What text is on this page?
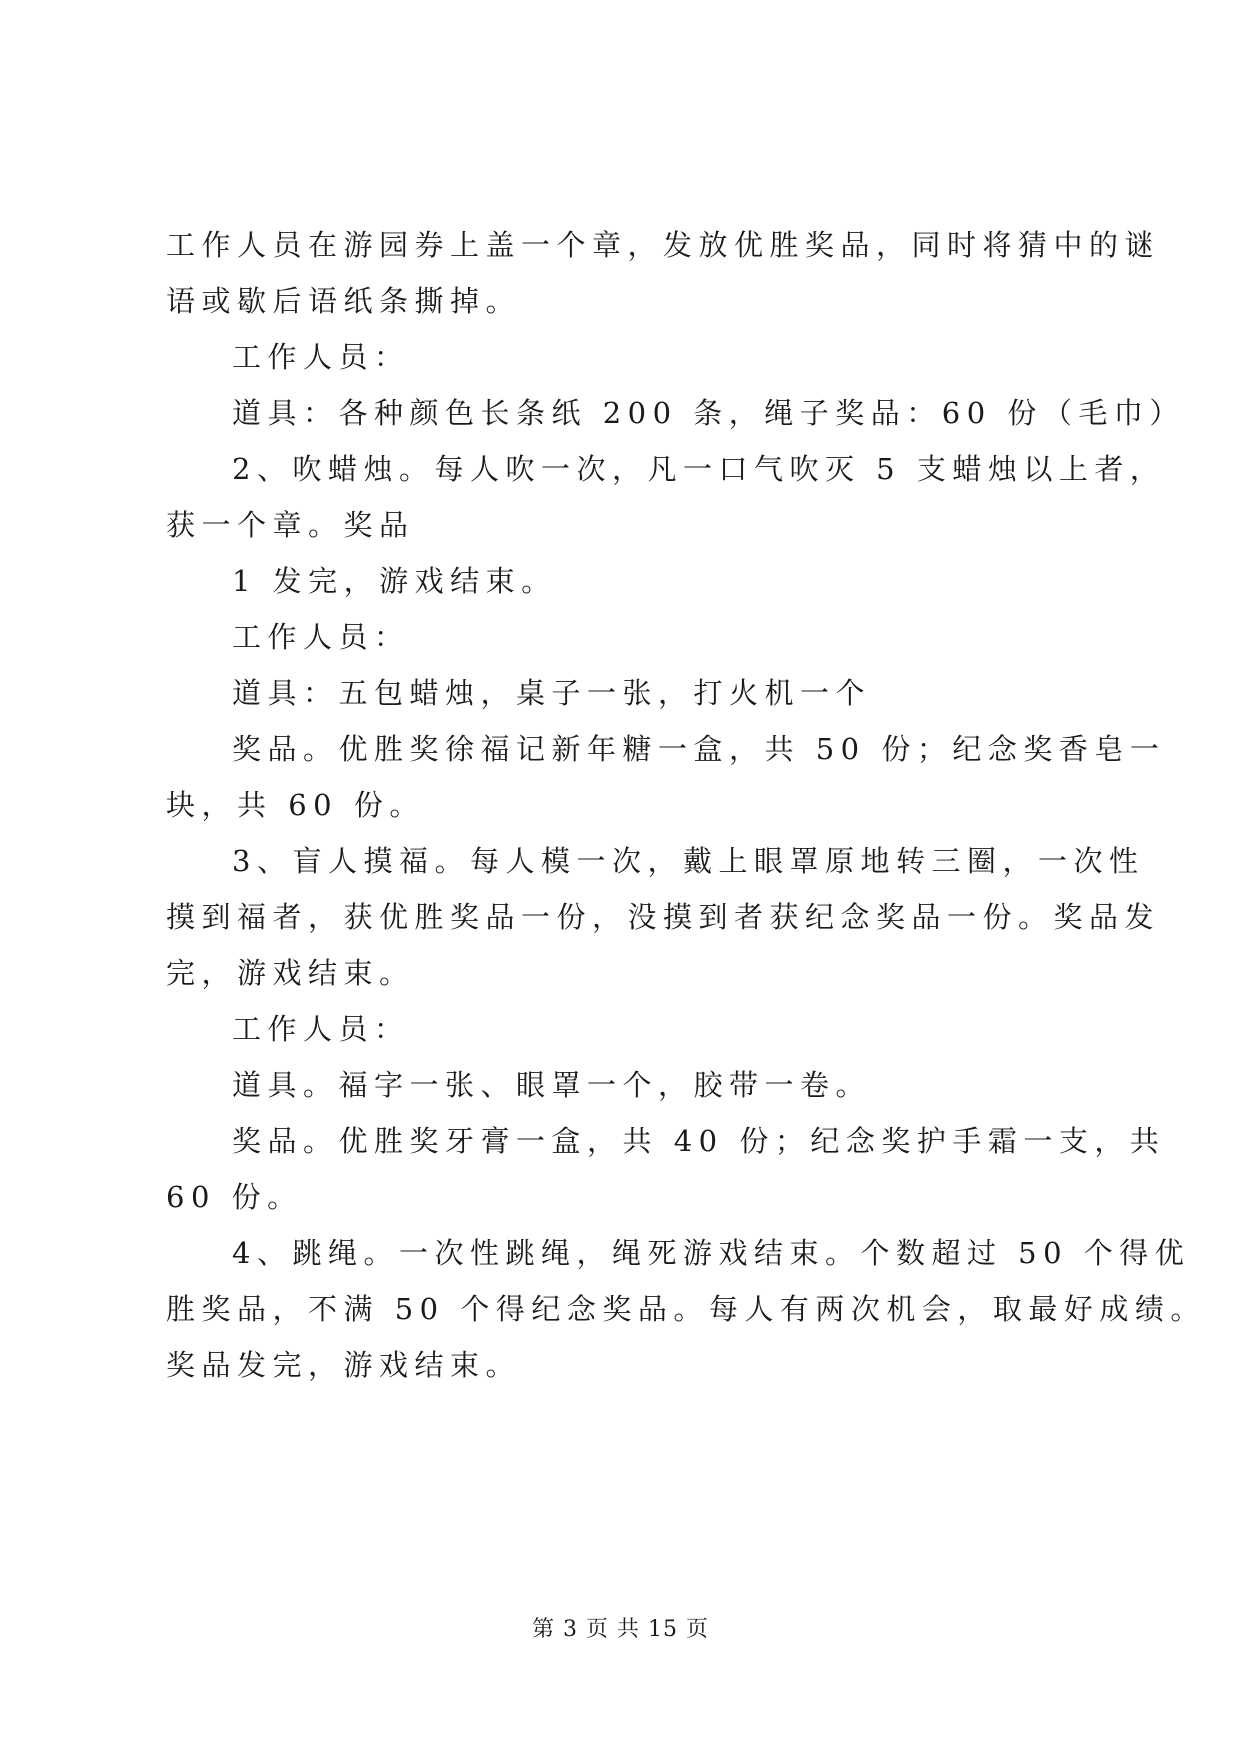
工作人员在游园券上盖一个章，发放优胜奖品，同时将猜中的谜
语或歇后语纸条撕掉。
工作人员：
道具：各种颜色长条纸 200 条，绳子奖品：60 份（毛巾）
2、吹蜡烛。每人吹一次，凡一口气吹灭 5 支蜡烛以上者，
获一个章。奖品
1 发完，游戏结束。
工作人员：
道具：五包蜡烛，桌子一张，打火机一个
奖品。优胜奖徐福记新年糖一盒，共 50 份；纪念奖香皂一
块，共 60 份。
3、盲人摸福。每人模一次，戴上眼罩原地转三圈，一次性
摸到福者，获优胜奖品一份，没摸到者获纪念奖品一份。奖品发
完，游戏结束。
工作人员：
道具。福字一张、眼罩一个，胶带一卷。
奖品。优胜奖牙膏一盒，共 40 份；纪念奖护手霜一支，共
60 份。
4、跳绳。一次性跳绳，绳死游戏结束。个数超过 50 个得优
胜奖品，不满 50 个得纪念奖品。每人有两次机会，取最好成绩。
奖品发完，游戏结束。
第 3 页 共 15 页
